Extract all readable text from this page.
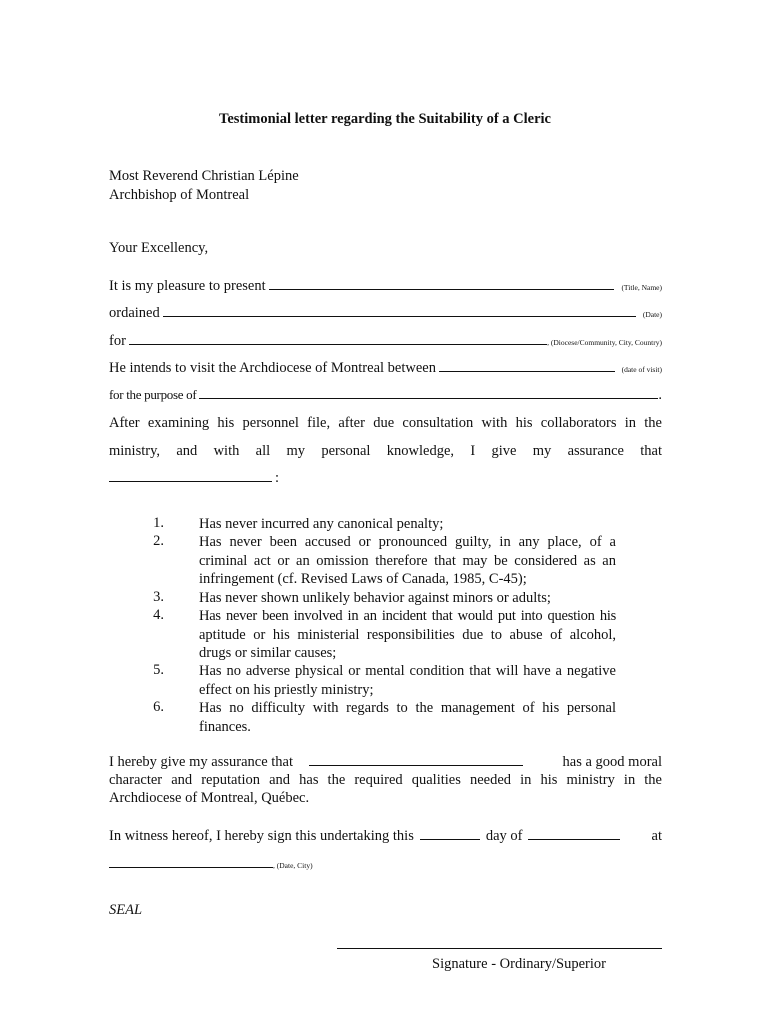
Testimonial letter regarding the Suitability of a Cleric
Most Reverend Christian Lépine
Archbishop of Montreal
Your Excellency,
It is my pleasure to present	(Title, Name)
ordained	(Date)
for	, (Diocese/Community, City, Country)
He intends to visit the Archdiocese of Montreal between	(date of visit)
for the purpose of	.
After examining his personnel file, after due consultation with his collaborators in the
ministry, and with all my personal knowledge, I give my assurance that
:
1. Has never incurred any canonical penalty;
2. Has never been accused or pronounced guilty, in any place, of a
criminal act or an omission therefore that may be considered as an
infringement (cf. Revised Laws of Canada, 1985, C-45);
3. Has never shown unlikely behavior against minors or adults;
4. Has never been involved in an incident that would put into question his
aptitude or his ministerial responsibilities due to abuse of alcohol,
drugs or similar causes;
5. Has no adverse physical or mental condition that will have a negative
effect on his priestly ministry;
6. Has no difficulty with regards to the management of his personal
finances.
I hereby give my assurance that	has a good moral
character and reputation and has the required qualities needed in his ministry in the
Archdiocese of Montreal, Québec.
In witness hereof, I hereby sign this undertaking this	day of	at
, (Date, City)
SEAL
Signature - Ordinary/Superior
